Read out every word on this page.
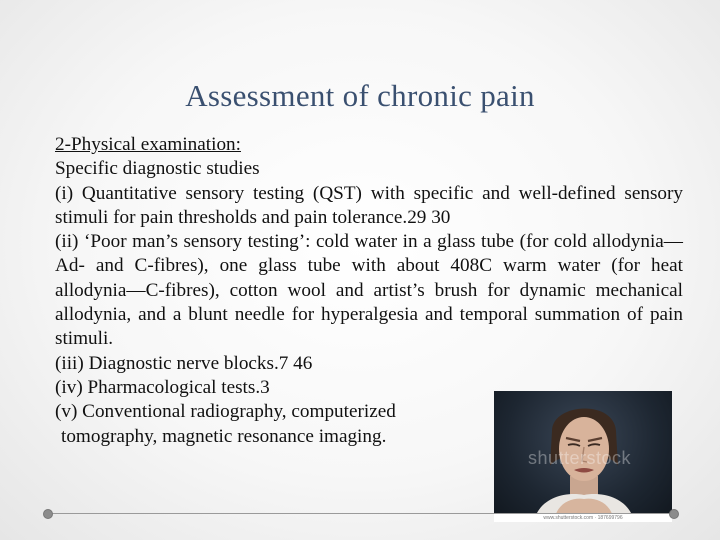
Assessment of chronic pain

2-Physical examination:

Specific diagnostic studies

(i) Quantitative sensory testing (QST) with specific and well-defined sensory stimuli for pain thresholds and pain tolerance.29 30

(ii) ‘Poor man’s sensory testing’: cold water in a glass tube (for cold allodynia—Ad- and C-fibres), one glass tube with about 408C warm water (for heat allodynia—C-fibres), cotton wool and artist’s brush for dynamic mechanical allodynia, and a blunt needle for hyperalgesia and temporal summation of pain stimuli.

(iii) Diagnostic nerve blocks.7 46

(iv) Pharmacological tests.3

(v) Conventional radiography, computerized

tomography, magnetic resonance imaging.

shutterstock
www.shutterstock.com · 187699796
